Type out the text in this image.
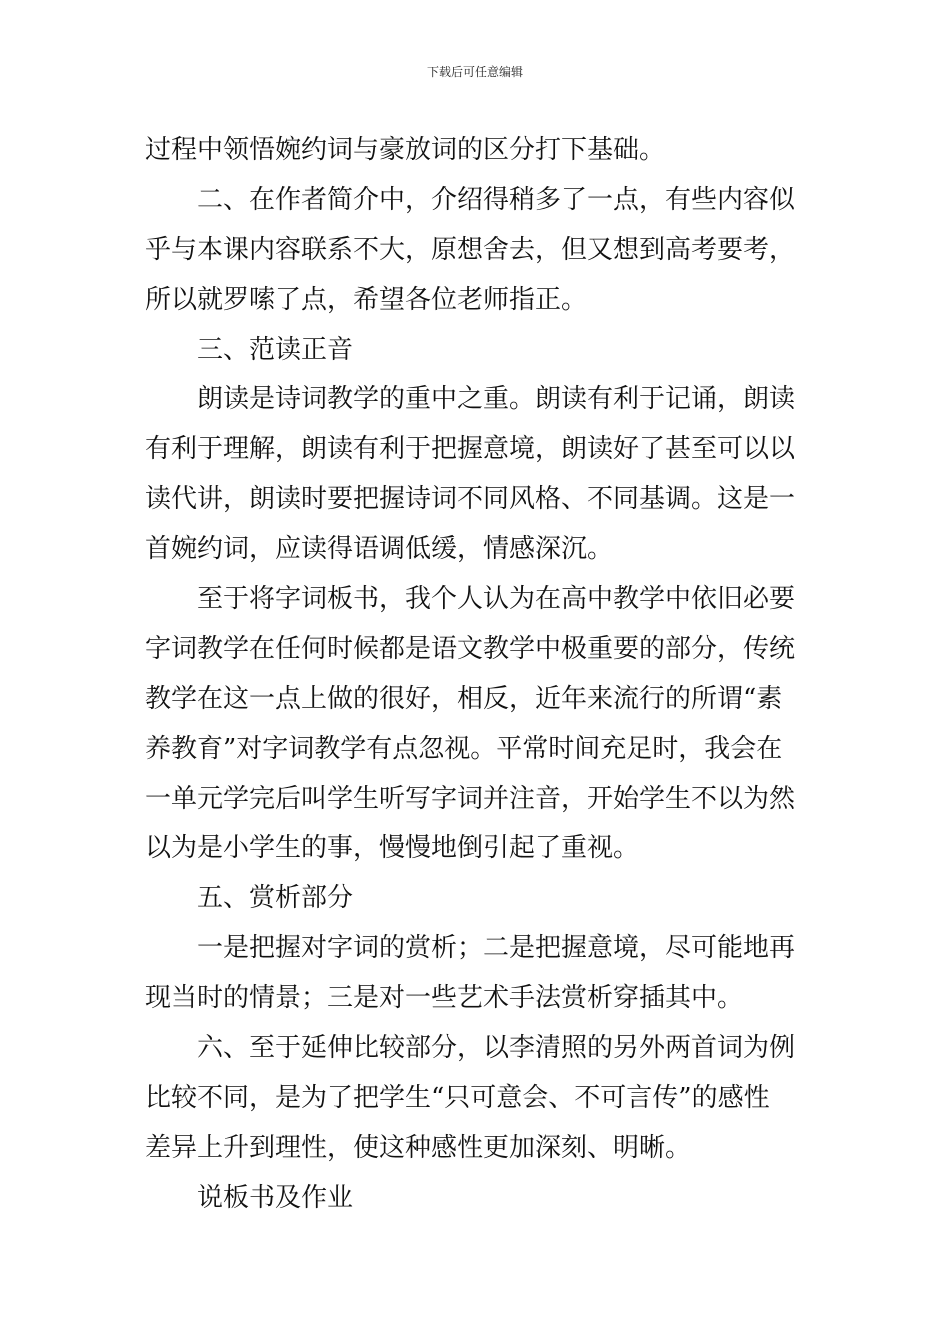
下载后可任意编辑
过程中领悟婉约词与豪放词的区分打下基础。
二、在作者简介中，介绍得稍多了一点，有些内容似
乎与本课内容联系不大，原想舍去，但又想到高考要考，
所以就罗嗦了点，希望各位老师指正。
三、范读正音
朗读是诗词教学的重中之重。朗读有利于记诵，朗读
有利于理解，朗读有利于把握意境，朗读好了甚至可以以
读代讲，朗读时要把握诗词不同风格、不同基调。这是一
首婉约词，应读得语调低缓，情感深沉。
至于将字词板书，我个人认为在高中教学中依旧必要
字词教学在任何时候都是语文教学中极重要的部分，传统
教学在这一点上做的很好，相反，近年来流行的所谓“素
养教育”对字词教学有点忽视。平常时间充足时，我会在
一单元学完后叫学生听写字词并注音，开始学生不以为然
以为是小学生的事，慢慢地倒引起了重视。
五、赏析部分
一是把握对字词的赏析；二是把握意境，尽可能地再
现当时的情景；三是对一些艺术手法赏析穿插其中。
六、至于延伸比较部分，以李清照的另外两首词为例
比较不同，是为了把学生“只可意会、不可言传”的感性
差异上升到理性，使这种感性更加深刻、明晰。
说板书及作业
